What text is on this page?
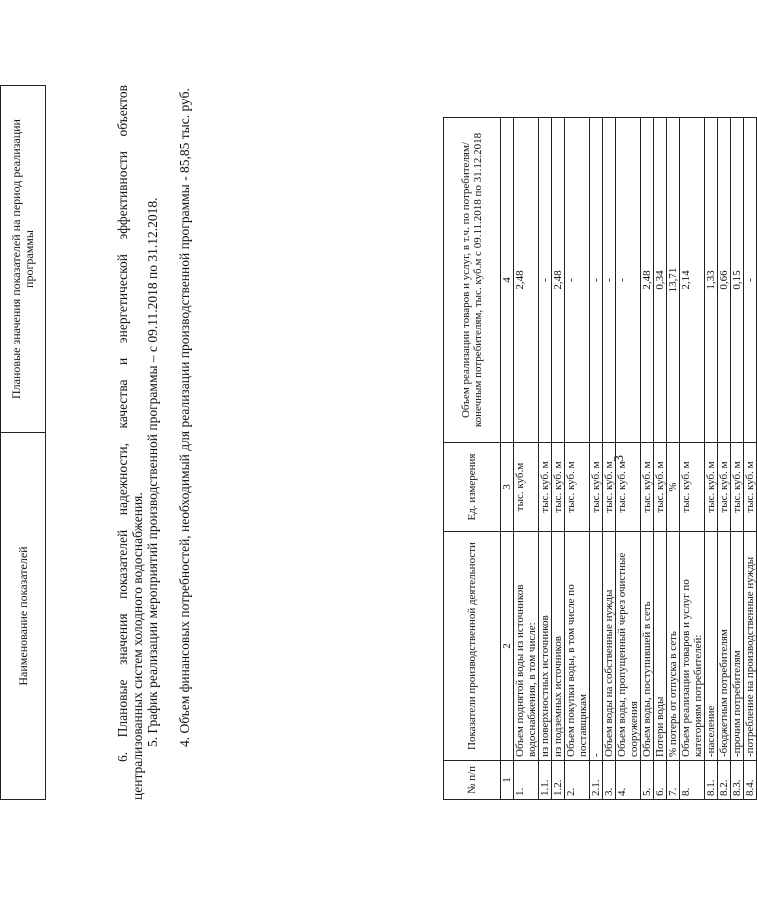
3
№ п/п	Показатели производственной деятельности	Ед. измерения	Объем реализации товаров и услуг, в т.ч. по потребителям/ конечным потребителям, тыс. куб.м с 09.11.2018 по 31.12.2018
1	2	3	4
1.	Объем поднятой воды из источников водоснабжения, в том числе:	тыс. куб.м	2,48
1.1.	из поверхностных источников	тыс. куб. м	-
1.2.	из подземных источников	тыс. куб. м	2,48
2.	Объем покупки воды, в том числе по поставщикам	тыс. куб. м	-
2.1.	-	тыс. куб. м	-
3.	Объем воды на собственные нужды	тыс. куб. м	-
4.	Объем воды, пропущенный через очистные сооружения	тыс. куб. м	-
5.	Объем воды, поступившей в сеть	тыс. куб. м	2,48
6.	Потери воды	тыс. куб. м	0,34
7.	% потерь от отпуска в сеть	%	13,71
8.	Объем реализации товаров и услуг по категориям потребителей:	тыс. куб. м	2,14
8.1.	-население	тыс. куб. м	1,33
8.2.	-бюджетным потребителям	тыс. куб. м	0,66
8.3.	-прочим потребителям	тыс. куб. м	0,15
8.4.	-потребление на производственные нужды	тыс. куб. м	-
4. Объем финансовых потребностей, необходимый для реализации производственной программы - 85,85 тыс. руб.
5. График реализации мероприятий производственной программы – с 09.11.2018 по 31.12.2018.
6. Плановые значения показателей надежности, качества и энергетической эффективности объектов централизованных систем холодного водоснабжения.
Наименование показателей	Плановые значения показателей на период реализации программы
